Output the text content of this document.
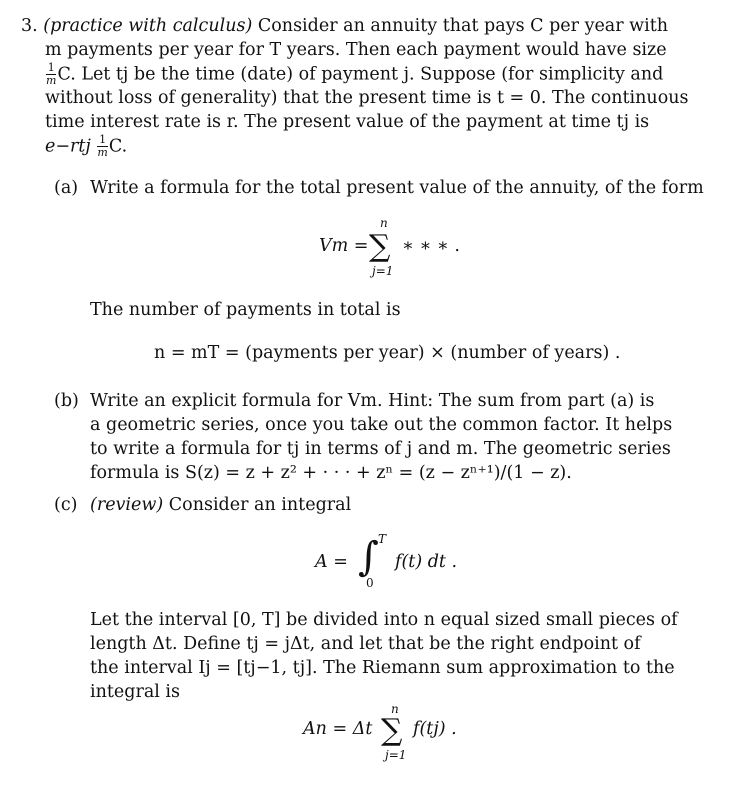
3. (practice with calculus) Consider an annuity that pays C per year with
m payments per year for T years. Then each payment would have size
$\frac{1}{m} C$. Let tj be the time (date) of payment j. Suppose (for simplicity and
without loss of generality) that the present time is t = 0. The continuous
time interest rate is r. The present value of the payment at time tj is
$e-rtj \frac{1}{m} C$.
(a) Write a formula for the total present value of the annuity, of the form
Vm =
n
∑
j=1
∗ ∗ ∗ .
The number of payments in total is
n = mT = (payments per year) × (number of years) .
(b) Write an explicit formula for Vm. Hint: The sum from part (a) is
a geometric series, once you take out the common factor. It helps
to write a formula for tj in terms of j and m. The geometric series
formula is S(z) = z + z² + · · · + zⁿ = (z − zⁿ⁺¹)/(1 − z).
(c) (review) Consider an integral
A = ∫ T
0
f(t) dt .
Let the interval [0, T] be divided into n equal sized small pieces of
length Δt. Define tj = jΔt, and let that be the right endpoint of
the interval Ij = [tj−1, tj]. The Riemann sum approximation to the
integral is
An = Δt
n
∑
j=1
f(tj) .
